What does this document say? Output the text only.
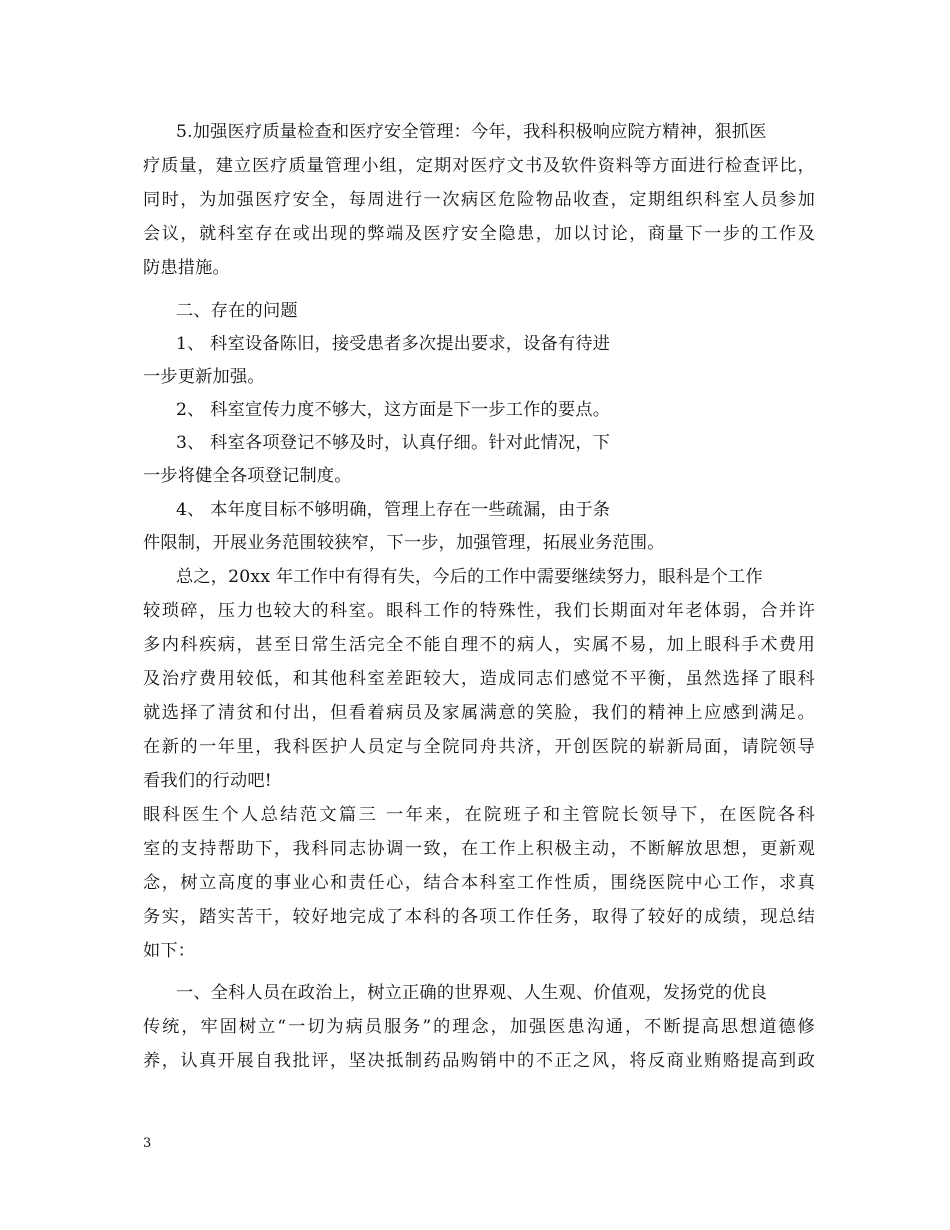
5.加强医疗质量检查和医疗安全管理：今年，我科积极响应院方精神，狠抓医
疗质量，建立医疗质量管理小组，定期对医疗文书及软件资料等方面进行检查评比，
同时，为加强医疗安全，每周进行一次病区危险物品收查，定期组织科室人员参加
会议，就科室存在或出现的弊端及医疗安全隐患，加以讨论，商量下一步的工作及
防患措施。
二、存在的问题
1、 科室设备陈旧，接受患者多次提出要求，设备有待进
一步更新加强。
2、 科室宣传力度不够大，这方面是下一步工作的要点。
3、 科室各项登记不够及时，认真仔细。针对此情况，下
一步将健全各项登记制度。
4、 本年度目标不够明确，管理上存在一些疏漏，由于条
件限制，开展业务范围较狭窄，下一步，加强管理，拓展业务范围。
总之，20xx 年工作中有得有失，今后的工作中需要继续努力，眼科是个工作
较琐碎，压力也较大的科室。眼科工作的特殊性，我们长期面对年老体弱，合并许
多内科疾病，甚至日常生活完全不能自理不的病人，实属不易，加上眼科手术费用
及治疗费用较低，和其他科室差距较大，造成同志们感觉不平衡，虽然选择了眼科
就选择了清贫和付出，但看着病员及家属满意的笑脸，我们的精神上应感到满足。
在新的一年里，我科医护人员定与全院同舟共济，开创医院的崭新局面，请院领导
看我们的行动吧!
眼科医生个人总结范文篇三 一年来，在院班子和主管院长领导下，在医院各科
室的支持帮助下，我科同志协调一致，在工作上积极主动，不断解放思想，更新观
念，树立高度的事业心和责任心，结合本科室工作性质，围绕医院中心工作，求真
务实，踏实苦干，较好地完成了本科的各项工作任务，取得了较好的成绩，现总结
如下：
一、全科人员在政治上，树立正确的世界观、人生观、价值观，发扬党的优良
传统，牢固树立“一切为病员服务”的理念，加强医患沟通，不断提高思想道德修
养，认真开展自我批评，坚决抵制药品购销中的不正之风，将反商业贿赂提高到政
3
